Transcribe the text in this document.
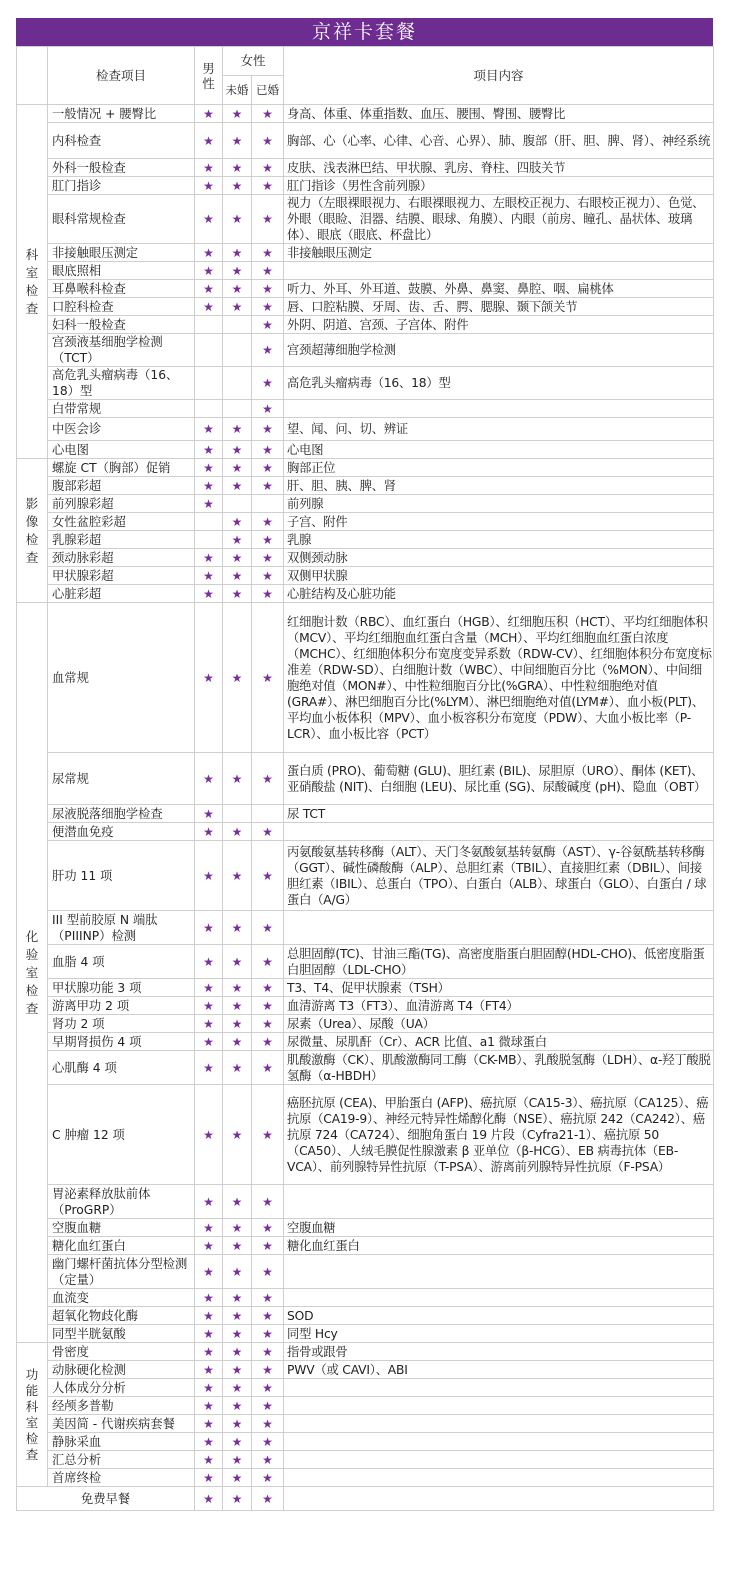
京祥卡套餐
	检查项目	男性	女性		项目内容
			未婚	已婚	
科室检查	一般情况 + 腰臀比	★	★	★	身高、体重、体重指数、血压、腰围、臀围、腰臀比
	内科检查	★	★	★	胸部、心（心率、心律、心音、心界）、肺、腹部（肝、胆、脾、肾）、神经系统
	外科一般检查	★	★	★	皮肤、浅表淋巴结、甲状腺、乳房、脊柱、四肢关节
	肛门指诊	★	★	★	肛门指诊（男性含前列腺）
	眼科常规检查	★	★	★	视力（左眼裸眼视力、右眼裸眼视力、左眼校正视力、右眼校正视力）、色觉、外眼（眼睑、泪器、结膜、眼球、角膜）、内眼（前房、瞳孔、晶状体、玻璃体）、眼底（眼底、杯盘比）
	非接触眼压测定	★	★	★	非接触眼压测定
	眼底照相	★	★	★	
	耳鼻喉科检查	★	★	★	听力、外耳、外耳道、鼓膜、外鼻、鼻窦、鼻腔、咽、扁桃体
	口腔科检查	★	★	★	唇、口腔粘膜、牙周、齿、舌、腭、腮腺、颞下颌关节
	妇科一般检查			★	外阴、阴道、宫颈、子宫体、附件
	宫颈液基细胞学检测（TCT）			★	宫颈超薄细胞学检测
	高危乳头瘤病毒（16、18）型			★	高危乳头瘤病毒（16、18）型
	白带常规			★	
	中医会诊	★	★	★	望、闻、问、切、辨证
	心电图	★	★	★	心电图
影像检查	螺旋 CT（胸部）促销	★	★	★	胸部正位
	腹部彩超	★	★	★	肝、胆、胰、脾、肾
	前列腺彩超	★			前列腺
	女性盆腔彩超		★	★	子宫、附件
	乳腺彩超		★	★	乳腺
	颈动脉彩超	★	★	★	双侧颈动脉
	甲状腺彩超	★	★	★	双侧甲状腺
	心脏彩超	★	★	★	心脏结构及心脏功能
化验室检查	血常规	★	★	★	红细胞计数（RBC）、血红蛋白（HGB）、红细胞压积（HCT）、平均红细胞体积（MCV）、平均红细胞血红蛋白含量（MCH）、平均红细胞血红蛋白浓度（MCHC）、红细胞体积分布宽度变异系数（RDW-CV）、红细胞体积分布宽度标准差（RDW-SD）、白细胞计数（WBC）、中间细胞百分比（%MON）、中间细胞绝对值（MON#）、中性粒细胞百分比(%GRA）、中性粒细胞绝对值(GRA#）、淋巴细胞百分比(%LYM）、淋巴细胞绝对值(LYM#）、血小板(PLT)、平均血小板体积（MPV）、血小板容积分布宽度（PDW）、大血小板比率（P-LCR）、血小板比容（PCT）
	尿常规	★	★	★	蛋白质 (PRO)、葡萄糖 (GLU)、胆红素 (BIL)、尿胆原（URO）、酮体 (KET)、亚硝酸盐 (NIT)、白细胞 (LEU)、尿比重 (SG)、尿酸碱度 (pH)、隐血（OBT）
	尿液脱落细胞学检查	★			尿 TCT
	便潜血免疫	★	★	★	
	肝功 11 项	★	★	★	丙氨酸氨基转移酶（ALT）、天门冬氨酸氨基转氨酶（AST）、γ-谷氨酰基转移酶（GGT）、碱性磷酸酶（ALP）、总胆红素（TBIL）、直接胆红素（DBIL）、间接胆红素（IBIL）、总蛋白（TPO）、白蛋白（ALB）、球蛋白（GLO）、白蛋白 / 球蛋白（A/G）
	III 型前胶原 N 端肽（PIIINP）检测	★	★	★	
	血脂 4 项	★	★	★	总胆固醇(TC)、甘油三酯(TG)、高密度脂蛋白胆固醇(HDL-CHO)、低密度脂蛋白胆固醇（LDL-CHO）
	甲状腺功能 3 项	★	★	★	T3、T4、促甲状腺素（TSH）
	游离甲功 2 项	★	★	★	血清游离 T3（FT3）、血清游离 T4（FT4）
	肾功 2 项	★	★	★	尿素（Urea）、尿酸（UA）
	早期肾损伤 4 项	★	★	★	尿微量、尿肌酐（Cr）、ACR 比值、a1 微球蛋白
	心肌酶 4 项	★	★	★	肌酸激酶（CK）、肌酸激酶同工酶（CK-MB）、乳酸脱氢酶（LDH）、α-羟丁酸脱氢酶（α-HBDH）
	C 肿瘤 12 项	★	★	★	癌胚抗原 (CEA)、甲胎蛋白 (AFP)、癌抗原（CA15-3）、癌抗原（CA125）、癌抗原（CA19-9）、神经元特异性烯醇化酶（NSE）、癌抗原 242（CA242）、癌抗原 724（CA724）、细胞角蛋白 19 片段（Cyfra21-1）、癌抗原 50（CA50）、人绒毛膜促性腺激素 β 亚单位（β-HCG）、EB 病毒抗体（EB-VCA）、前列腺特异性抗原（T-PSA）、游离前列腺特异性抗原（F-PSA）
	胃泌素释放肽前体（ProGRP）	★	★	★	
	空腹血糖	★	★	★	空腹血糖
	糖化血红蛋白	★	★	★	糖化血红蛋白
	幽门螺杆菌抗体分型检测（定量）	★	★	★	
	血流变	★	★	★	
	超氧化物歧化酶	★	★	★	SOD
	同型半胱氨酸	★	★	★	同型 Hcy
功能科室检查	骨密度	★	★	★	指骨或跟骨
	动脉硬化检测	★	★	★	PWV（或 CAVI）、ABI
	人体成分分析	★	★	★	
	经颅多普勒	★	★	★	
	美因简 - 代谢疾病套餐	★	★	★	
	静脉采血	★	★	★	
	汇总分析	★	★	★	
	首席终检	★	★	★	
免费早餐		★	★	★	
